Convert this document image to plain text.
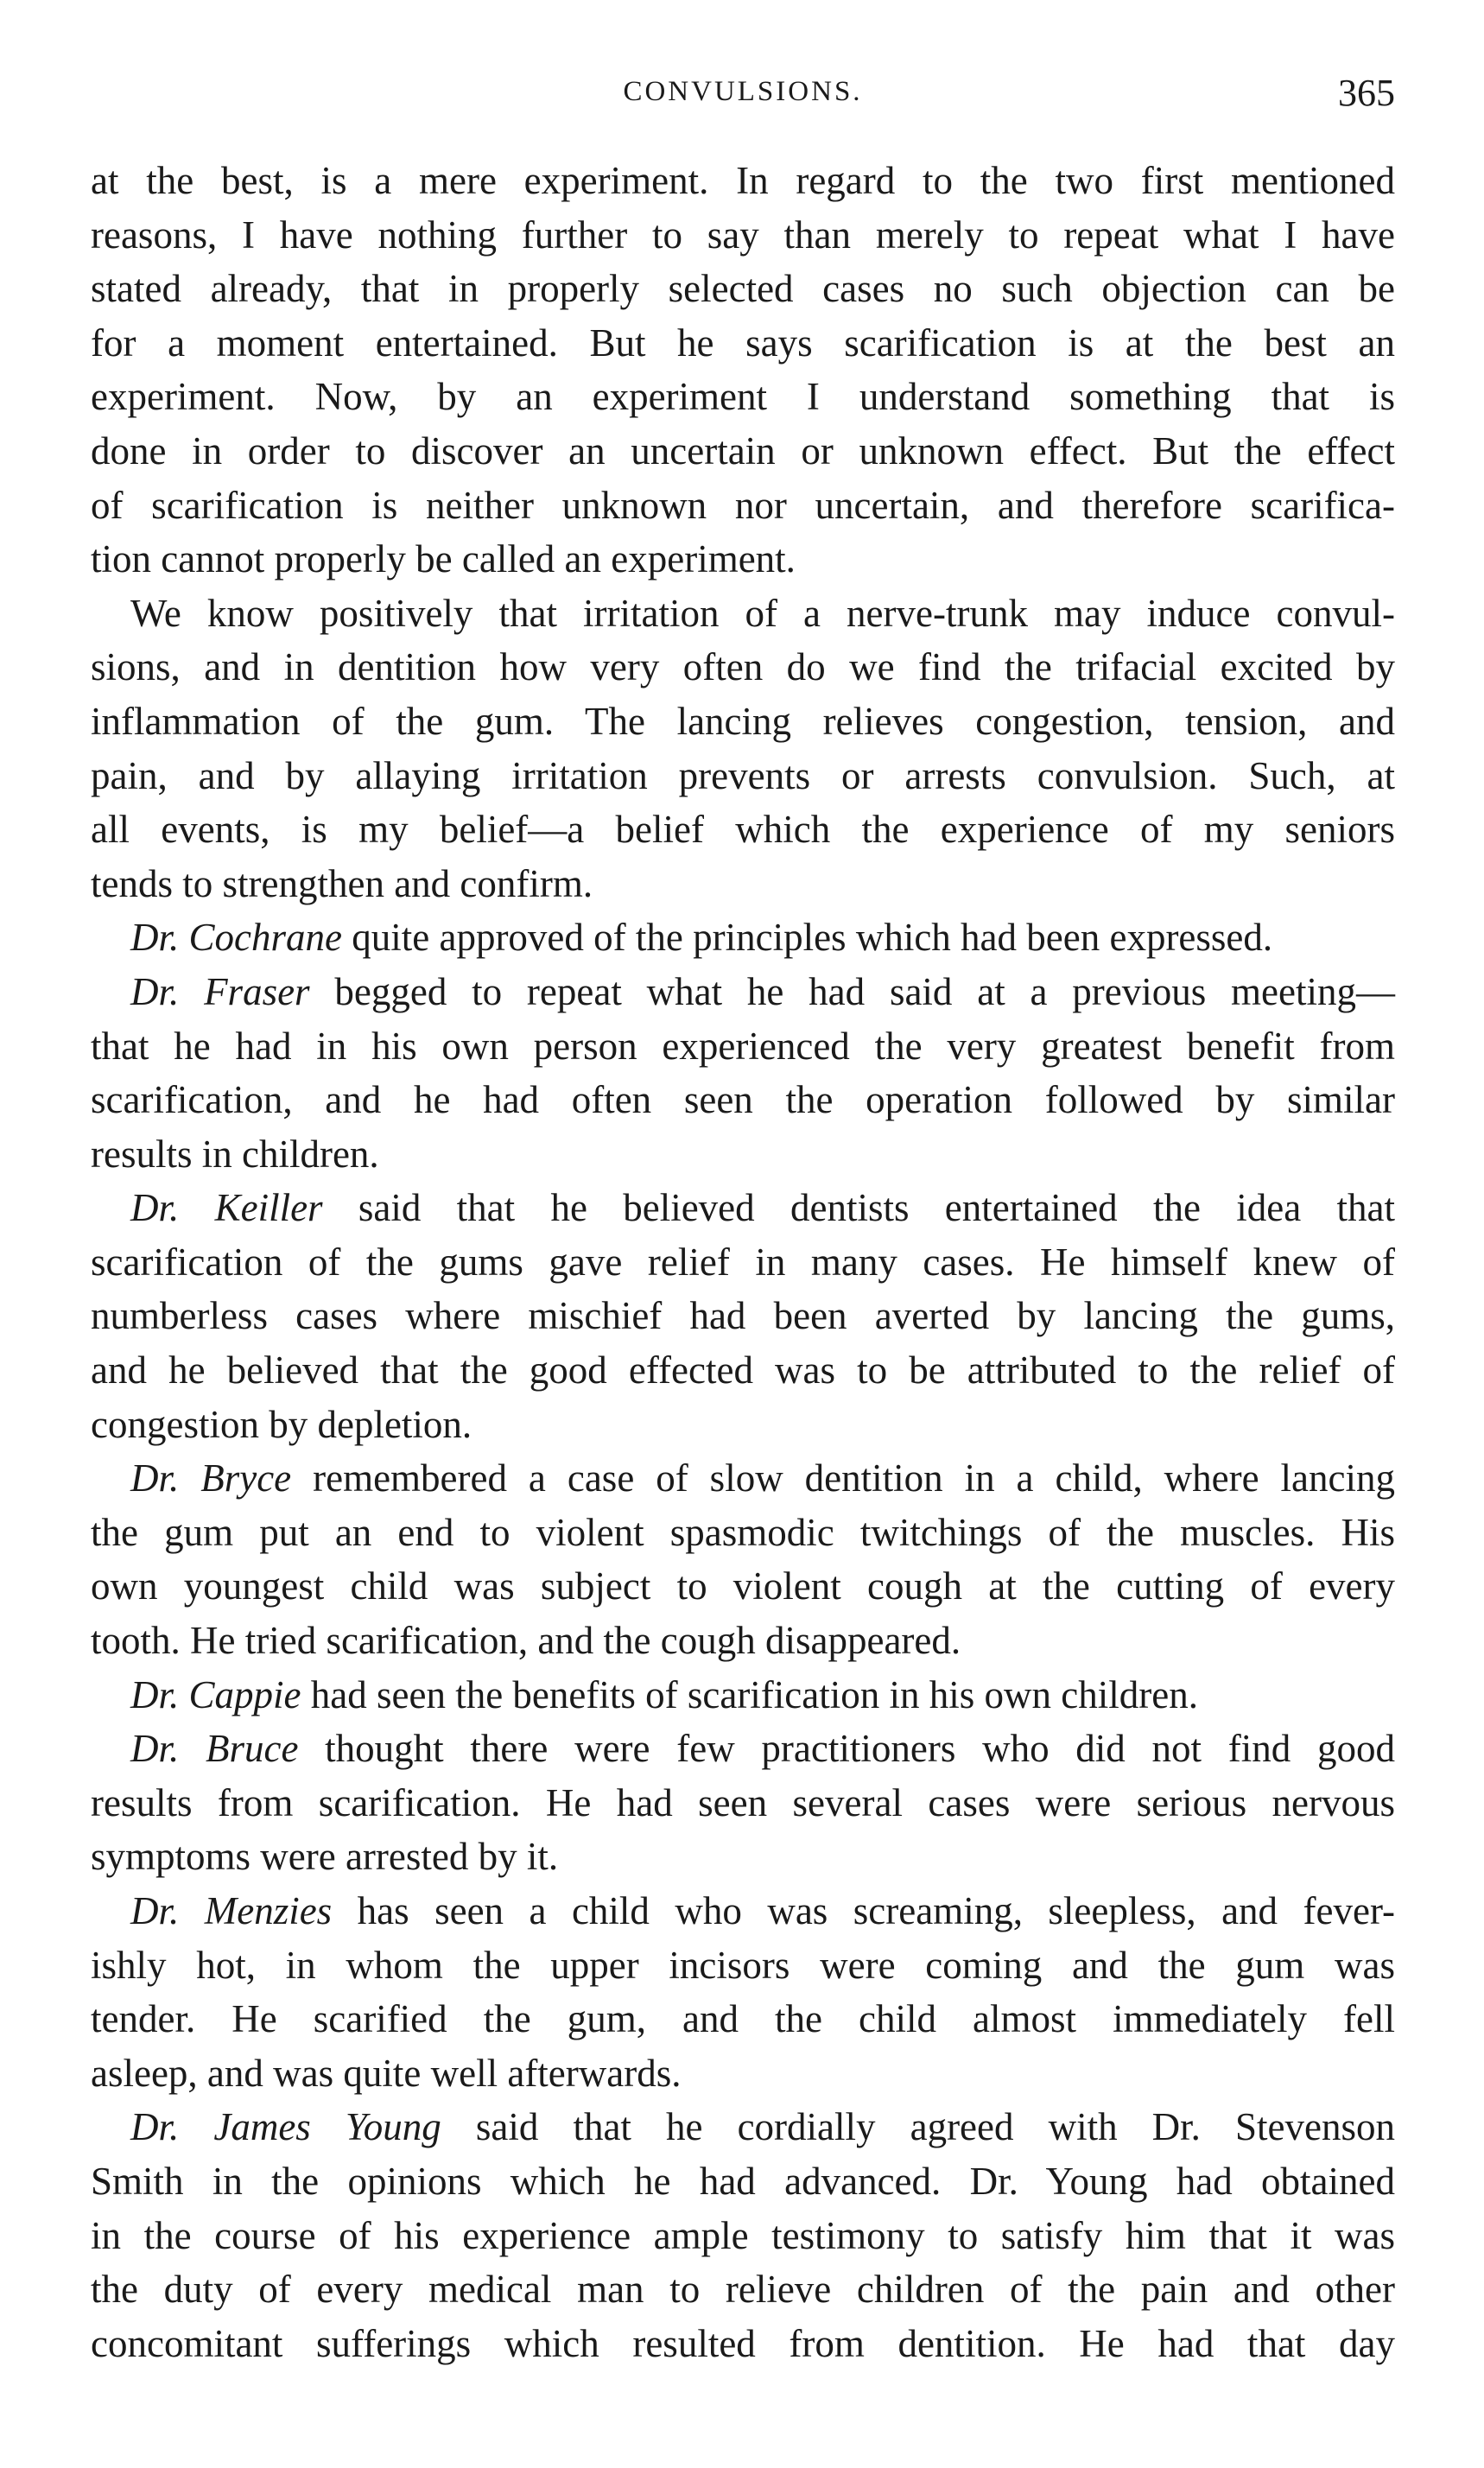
CONVULSIONS.	365
at the best, is a mere experiment. In regard to the two first mentioned
reasons, I have nothing further to say than merely to repeat what I have
stated already, that in properly selected cases no such objection can be
for a moment entertained. But he says scarification is at the best an
experiment. Now, by an experiment I understand something that is
done in order to discover an uncertain or unknown effect. But the effect
of scarification is neither unknown nor uncertain, and therefore scarifica-
tion cannot properly be called an experiment.
We know positively that irritation of a nerve-trunk may induce convul-
sions, and in dentition how very often do we find the trifacial excited by
inflammation of the gum. The lancing relieves congestion, tension, and
pain, and by allaying irritation prevents or arrests convulsion. Such, at
all events, is my belief—a belief which the experience of my seniors
tends to strengthen and confirm.
Dr. Cochrane quite approved of the principles which had been expressed.
Dr. Fraser begged to repeat what he had said at a previous meeting—
that he had in his own person experienced the very greatest benefit from
scarification, and he had often seen the operation followed by similar
results in children.
Dr. Keiller said that he believed dentists entertained the idea that
scarification of the gums gave relief in many cases. He himself knew of
numberless cases where mischief had been averted by lancing the gums,
and he believed that the good effected was to be attributed to the relief of
congestion by depletion.
Dr. Bryce remembered a case of slow dentition in a child, where lancing
the gum put an end to violent spasmodic twitchings of the muscles. His
own youngest child was subject to violent cough at the cutting of every
tooth. He tried scarification, and the cough disappeared.
Dr. Cappie had seen the benefits of scarification in his own children.
Dr. Bruce thought there were few practitioners who did not find good
results from scarification. He had seen several cases were serious nervous
symptoms were arrested by it.
Dr. Menzies has seen a child who was screaming, sleepless, and fever-
ishly hot, in whom the upper incisors were coming and the gum was
tender. He scarified the gum, and the child almost immediately fell
asleep, and was quite well afterwards.
Dr. James Young said that he cordially agreed with Dr. Stevenson
Smith in the opinions which he had advanced. Dr. Young had obtained
in the course of his experience ample testimony to satisfy him that it was
the duty of every medical man to relieve children of the pain and other
concomitant sufferings which resulted from dentition. He had that day
